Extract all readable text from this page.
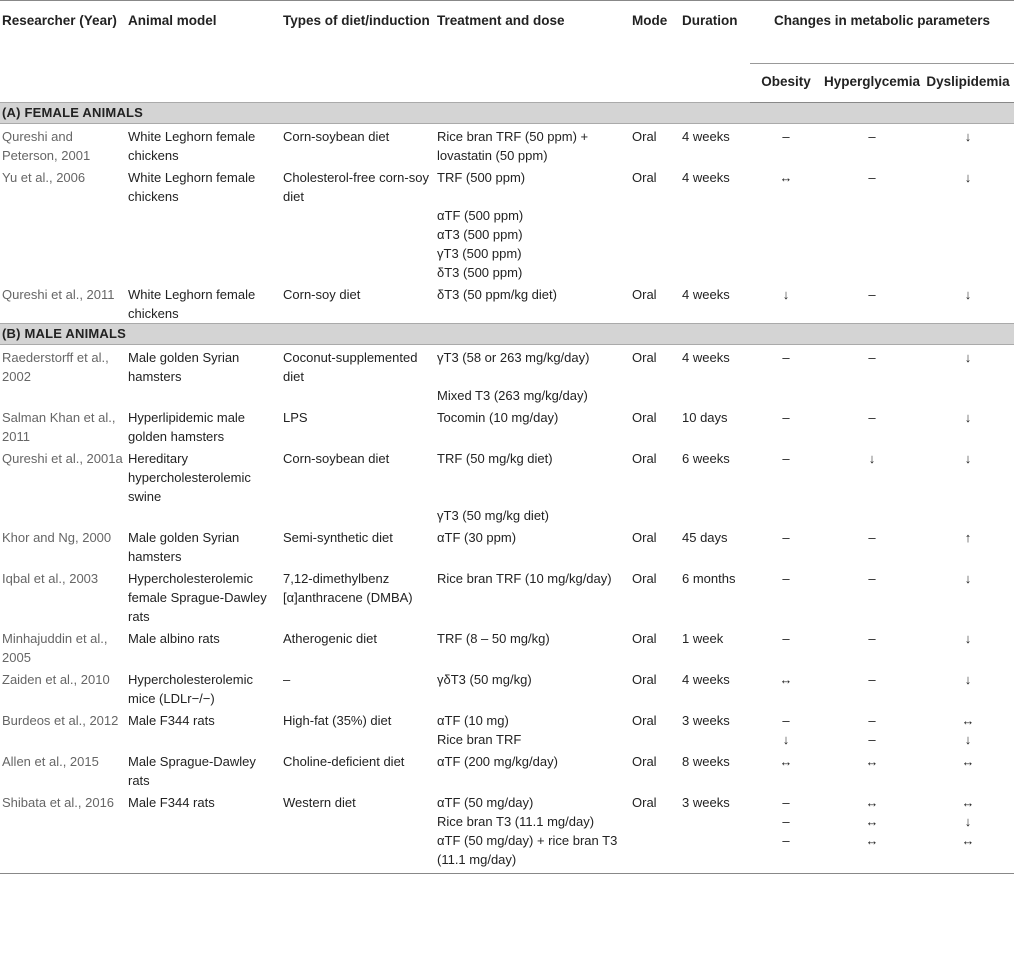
Researcher (Year)	Animal model	Types of diet/induction	Treatment and dose	Mode	Duration	Changes in metabolic parameters		
						Obesity	Hyperglycemia	Dyslipidemia
(A) FEMALE ANIMALS								
Qureshi and Peterson, 2001	White Leghorn female chickens	Corn-soybean diet	Rice bran TRF (50 ppm) + lovastatin (50 ppm)	Oral	4 weeks	–	–	↓
Yu et al., 2006	White Leghorn female chickens	Cholesterol-free corn-soy diet	TRF (500 ppm)	Oral	4 weeks	↔	–	↓
			αTF (500 ppm)					
			αT3 (500 ppm)					
			γT3 (500 ppm)					
			δT3 (500 ppm)					
Qureshi et al., 2011	White Leghorn female chickens	Corn-soy diet	δT3 (50 ppm/kg diet)	Oral	4 weeks	↓	–	↓
(B) MALE ANIMALS								
Raederstorff et al., 2002	Male golden Syrian hamsters	Coconut-supplemented diet	γT3 (58 or 263 mg/kg/day)	Oral	4 weeks	–	–	↓
			Mixed T3 (263 mg/kg/day)					
Salman Khan et al., 2011	Hyperlipidemic male golden hamsters	LPS	Tocomin (10 mg/day)	Oral	10 days	–	–	↓
Qureshi et al., 2001a	Hereditary hypercholesterolemic swine	Corn-soybean diet	TRF (50 mg/kg diet)	Oral	6 weeks	–	↓	↓
			γT3 (50 mg/kg diet)					
Khor and Ng, 2000	Male golden Syrian hamsters	Semi-synthetic diet	αTF (30 ppm)	Oral	45 days	–	–	↑
Iqbal et al., 2003	Hypercholesterolemic female Sprague-Dawley rats	7,12-dimethylbenz [α]anthracene (DMBA)	Rice bran TRF (10 mg/kg/day)	Oral	6 months	–	–	↓
Minhajuddin et al., 2005	Male albino rats	Atherogenic diet	TRF (8 – 50 mg/kg)	Oral	1 week	–	–	↓
Zaiden et al., 2010	Hypercholesterolemic mice (LDLr−/−)	–	γδT3 (50 mg/kg)	Oral	4 weeks	↔	–	↓
Burdeos et al., 2012	Male F344 rats	High-fat (35%) diet	αTF (10 mg)	Oral	3 weeks	–	–	↔
			Rice bran TRF			↓	–	↓
Allen et al., 2015	Male Sprague-Dawley rats	Choline-deficient diet	αTF (200 mg/kg/day)	Oral	8 weeks	↔	↔	↔
Shibata et al., 2016	Male F344 rats	Western diet	αTF (50 mg/day)	Oral	3 weeks	–	↔	↔
			Rice bran T3 (11.1 mg/day)			–	↔	↓
			αTF (50 mg/day) + rice bran T3 (11.1 mg/day)			–	↔	↔
